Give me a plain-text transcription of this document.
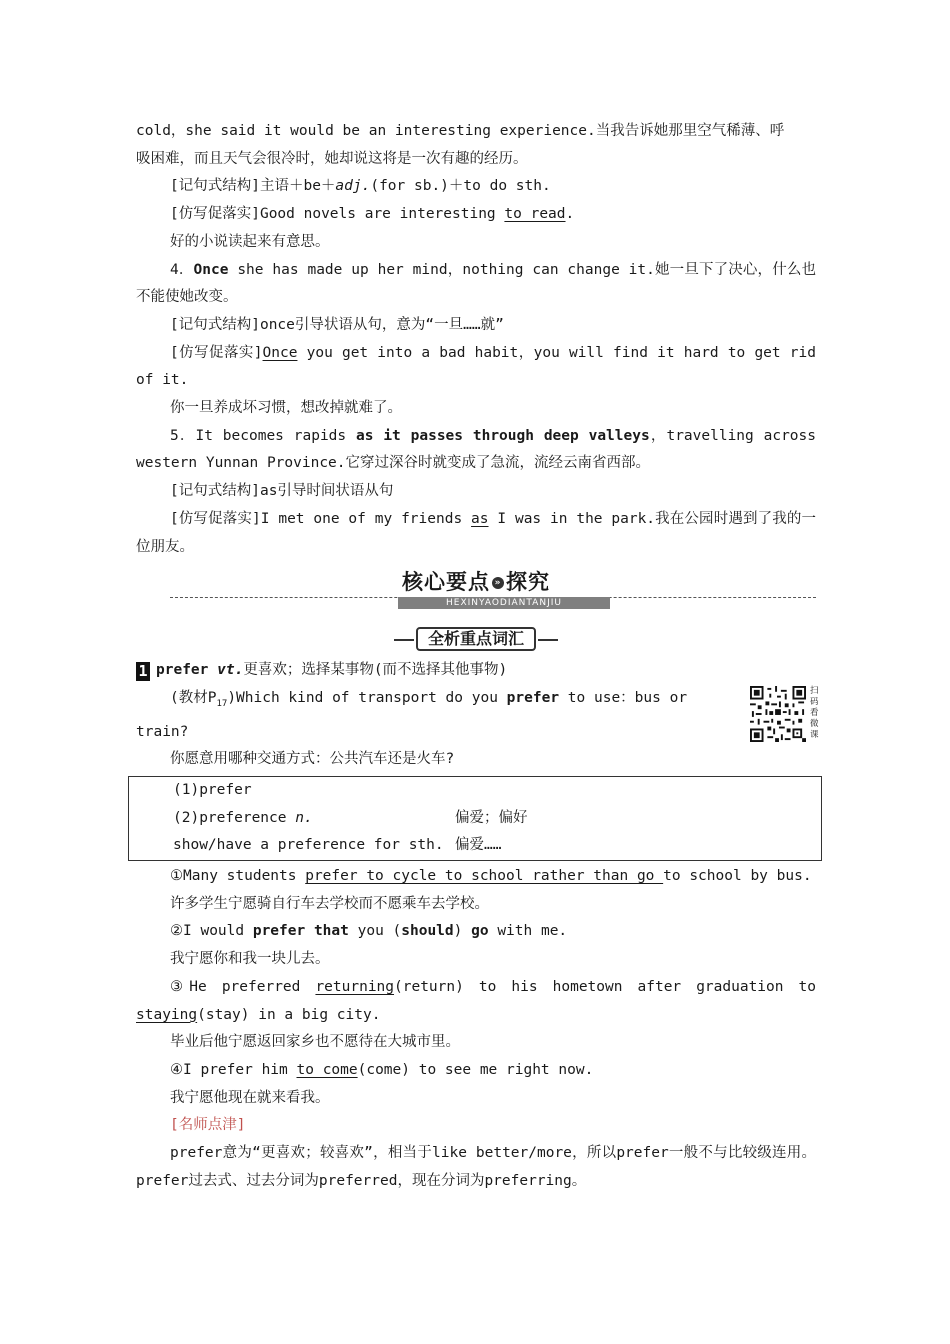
cold，she said it would be an interesting experience.当我告诉她那里空气稀薄、呼
吸困难，而且天气会很冷时，她却说这将是一次有趣的经历。

[记句式结构]主语＋be＋adj.(for sb.)＋to do sth.

[仿写促落实]Good novels are interesting to read.

好的小说读起来有意思。

4．Once she has made up her mind，nothing can change it.她一旦下了决心，什么也不能使她改变。

[记句式结构]once引导状语从句，意为“一旦……就”

[仿写促落实]Once you get into a bad habit，you will find it hard to get rid of it.

你一旦养成坏习惯，想改掉就难了。

5．It becomes rapids as it passes through deep valleys，travelling across western Yunnan Province.它穿过深谷时就变成了急流，流经云南省西部。

[记句式结构]as引导时间状语从句

[仿写促落实]I met one of my friends as I was in the park.我在公园时遇到了我的一位朋友。

核心要点 » 探究
HEXINYAODIANTANJIU
全析重点词汇

1 prefer vt.更喜欢；选择某事物(而不选择其他事物)

(教材$P_{17})Which$ kind of transport do you prefer to use：bus or train?

你愿意用哪种交通方式：公共汽车还是火车?

(1)prefer
(2)preference n.	偏爱；偏好
show/have a preference for sth. 偏爱……

①Many students prefer to cycle to school rather than go to school by bus.

许多学生宁愿骑自行车去学校而不愿乘车去学校。

②I would prefer that you (should) go with me.

我宁愿你和我一块儿去。

③He preferred returning(return) to his hometown after graduation to staying(stay) in a big city.

毕业后他宁愿返回家乡也不愿待在大城市里。

④I prefer him to come(come) to see me right now.

我宁愿他现在就来看我。

[名师点津]

prefer意为“更喜欢；较喜欢”，相当于like better/more，所以prefer一般不与比较级连用。prefer过去式、过去分词为preferred，现在分词为preferring。

扫码看微课
